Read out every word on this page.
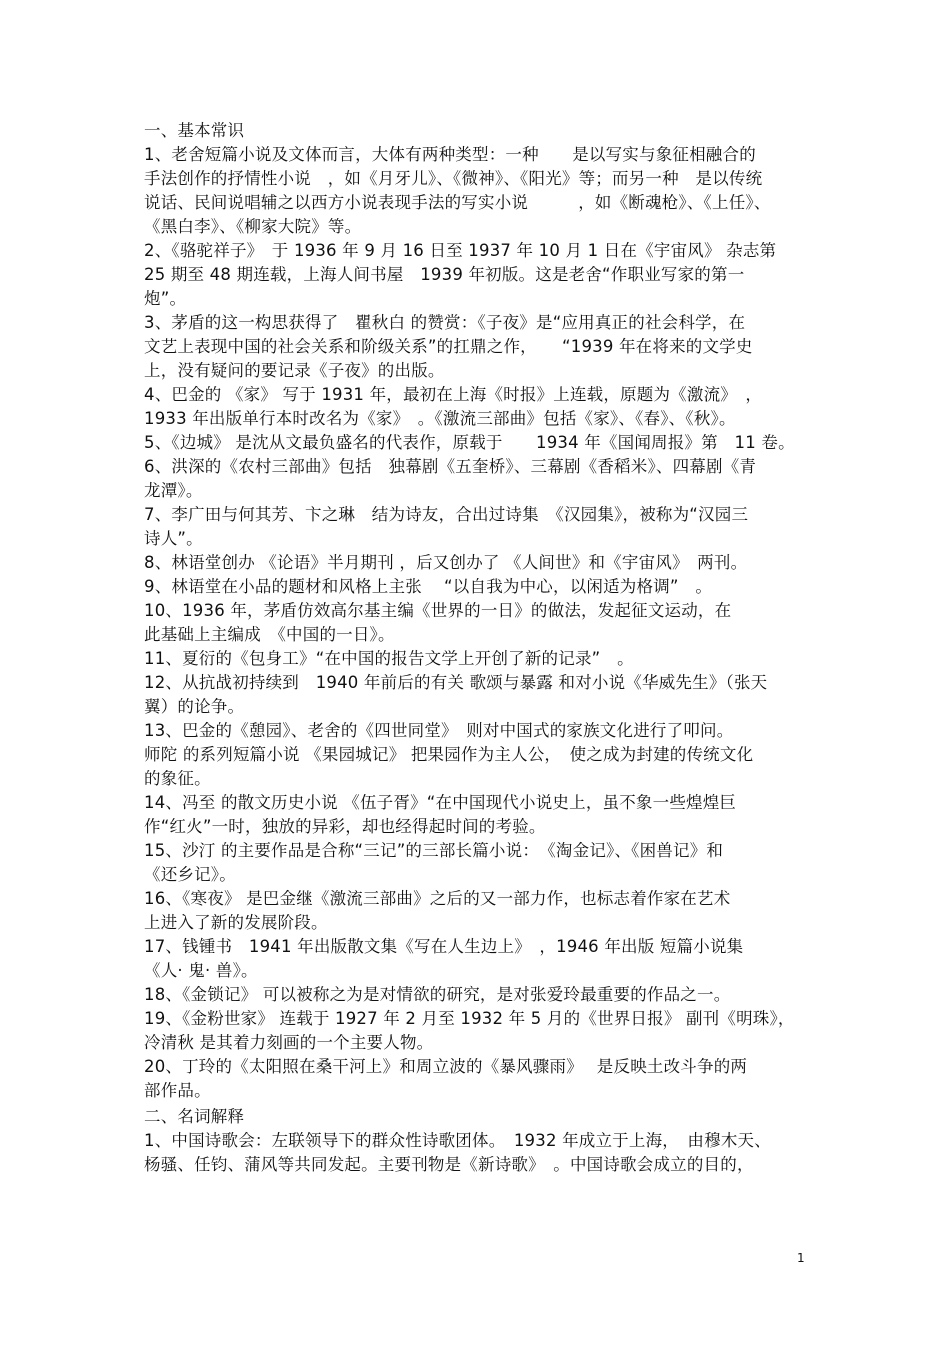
一、基本常识
1、老舍短篇小说及文体而言，大体有两种类型：一种　　是以写实与象征相融合的
手法创作的抒情性小说　，如《月牙儿》、《微神》、《阳光》等；而另一种　是以传统
说话、民间说唱辅之以西方小说表现手法的写实小说　　　，如《断魂枪》、《上任》、
《黑白李》、《柳家大院》等。
2、《骆驼祥子》　于 1936 年 9 月 16 日至 1937 年 10 月 1 日在《宇宙风》 杂志第
25 期至 48 期连载，上海人间书屋　1939 年初版。这是老舍“作职业写家的第一
炮”。
3、茅盾的这一构思获得了　瞿秋白 的赞赏：《子夜》是“应用真正的社会科学，在
文艺上表现中国的社会关系和阶级关系”的扛鼎之作，　　“1939 年在将来的文学史
上，没有疑问的要记录《子夜》的出版。
4、巴金的 《家》 写于 1931 年，最初在上海《时报》上连载，原题为《激流》　，
1933 年出版单行本时改名为《家》　。《激流三部曲》包括《家》、《春》、《秋》。
5、《边城》 是沈从文最负盛名的代表作，原载于　　1934 年《国闻周报》第　11 卷。
6、洪深的《农村三部曲》包括　独幕剧《五奎桥》、三幕剧《香稻米》、四幕剧《青
龙潭》。
7、李广田与何其芳、卞之琳　结为诗友，合出过诗集　《汉园集》，被称为“汉园三
诗人”。
8、林语堂创办 《论语》半月期刊 ，后又创办了 《人间世》和《宇宙风》　两刊。
9、林语堂在小品的题材和风格上主张　 “以自我为中心，以闲适为格调”　。
10、1936 年，茅盾仿效高尔基主编《世界的一日》的做法，发起征文运动，在
此基础上主编成　《中国的一日》。
11、夏衍的《包身工》“在中国的报告文学上开创了新的记录”　。
12、从抗战初持续到　1940 年前后的有关 歌颂与暴露 和对小说《华威先生》（张天
翼）的论争。
13、巴金的《憩园》、老舍的《四世同堂》　则对中国式的家族文化进行了叩问。
师陀 的系列短篇小说 《果园城记》 把果园作为主人公，　使之成为封建的传统文化
的象征。
14、冯至 的散文历史小说 《伍子胥》“在中国现代小说史上，虽不象一些煌煌巨
作“红火”一时，独放的异彩，却也经得起时间的考验。
15、沙汀 的主要作品是合称“三记”的三部长篇小说：　《淘金记》、《困兽记》和
《还乡记》。
16、《寒夜》 是巴金继《激流三部曲》之后的又一部力作，也标志着作家在艺术
上进入了新的发展阶段。
17、钱锺书　1941 年出版散文集《写在人生边上》　，1946 年出版 短篇小说集
《人· 鬼· 兽》。
18、《金锁记》 可以被称之为是对情欲的研究，是对张爱玲最重要的作品之一。
19、《金粉世家》 连载于 1927 年 2 月至 1932 年 5 月的《世界日报》 副刊《明珠》，
冷清秋 是其着力刻画的一个主要人物。
20、丁玲的《太阳照在桑干河上》和周立波的《暴风骤雨》　 是反映土改斗争的两
部作品。
二、名词解释
1、中国诗歌会：左联领导下的群众性诗歌团体。　1932 年成立于上海，　由穆木天、
杨骚、任钧、蒲风等共同发起。主要刊物是《新诗歌》　。中国诗歌会成立的目的，
1
